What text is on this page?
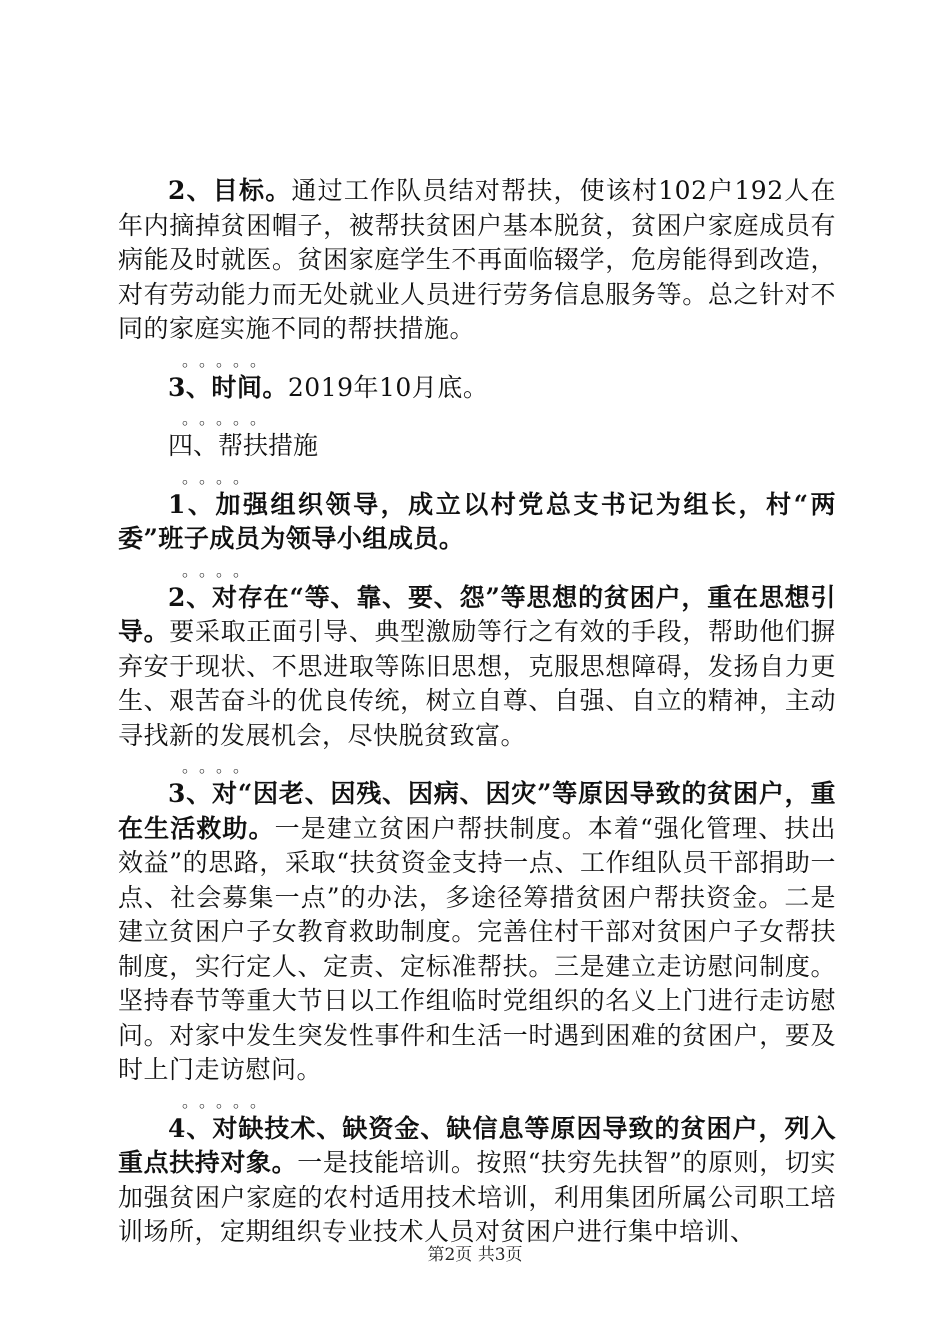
2、目标。通过工作队员结对帮扶，使该村102户192人在年内摘掉贫困帽子，被帮扶贫困户基本脱贫，贫困户家庭成员有病能及时就医。贫困家庭学生不再面临辍学，危房能得到改造，对有劳动能力而无处就业人员进行劳务信息服务等。总之针对不同的家庭实施不同的帮扶措施。

。。。。。

3、时间。2019年10月底。

。。。。。

四、帮扶措施

。。。。

1、加强组织领导，成立以村党总支书记为组长，村“两委”班子成员为领导小组成员。

。。。。

2、对存在“等、靠、要、怨”等思想的贫困户，重在思想引导。要采取正面引导、典型激励等行之有效的手段，帮助他们摒弃安于现状、不思进取等陈旧思想，克服思想障碍，发扬自力更生、艰苦奋斗的优良传统，树立自尊、自强、自立的精神，主动寻找新的发展机会，尽快脱贫致富。

。。。。

3、对“因老、因残、因病、因灾”等原因导致的贫困户，重在生活救助。一是建立贫困户帮扶制度。本着“强化管理、扶出效益”的思路，采取“扶贫资金支持一点、工作组队员干部捐助一点、社会募集一点”的办法，多途径筹措贫困户帮扶资金。二是建立贫困户子女教育救助制度。完善住村干部对贫困户子女帮扶制度，实行定人、定责、定标准帮扶。三是建立走访慰问制度。坚持春节等重大节日以工作组临时党组织的名义上门进行走访慰问。对家中发生突发性事件和生活一时遇到困难的贫困户，要及时上门走访慰问。

。。。。。

4、对缺技术、缺资金、缺信息等原因导致的贫困户，列入重点扶持对象。一是技能培训。按照“扶穷先扶智”的原则，切实加强贫困户家庭的农村适用技术培训，利用集团所属公司职工培训场所，定期组织专业技术人员对贫困户进行集中培训、

第2页 共3页
